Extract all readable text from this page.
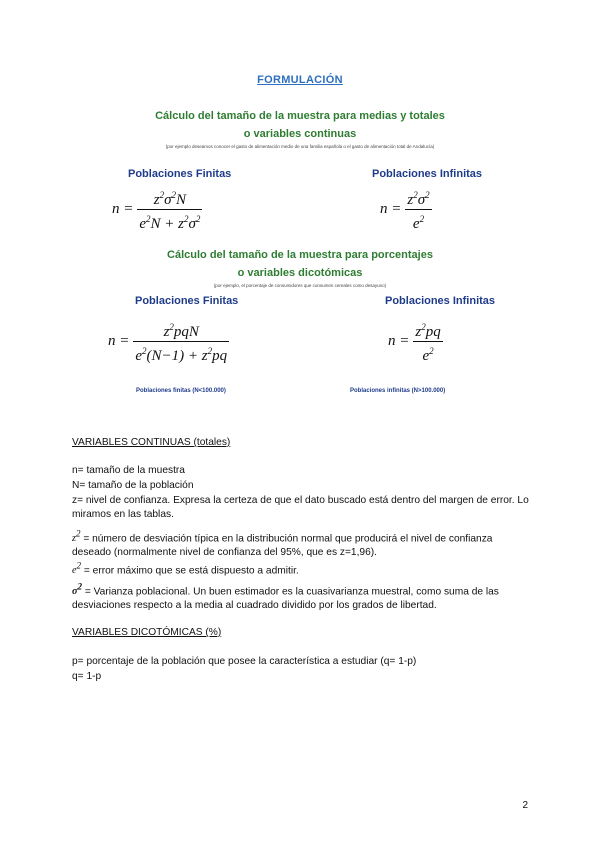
FORMULACIÓN
Cálculo del tamaño de la muestra para medias y totales
o variables continuas
(por ejemplo deseamos conocer el gasto de alimentación medio de una familia española o el gasto de alimentación total de Andalucía)
Poblaciones Finitas	Poblaciones Infinitas
$n = \frac{z^2\sigma^2N}{e^2N + z^2\sigma^2}$	$n = \frac{z^2\sigma^2}{e^2}$
Cálculo del tamaño de la muestra para porcentajes
o variables dicotómicas
(por ejemplo, el porcentaje de consumidores que consumen cereales como desayuno)
Poblaciones Finitas	Poblaciones Infinitas
$n = \frac{z^2pqN}{e^2(N-1) + z^2pq}$	$n = \frac{z^2pq}{e^2}$
Poblaciones finitas (N<100.000)	Poblaciones infinitas (N>100.000)
VARIABLES CONTINUAS (totales)
n= tamaño de la muestra
N= tamaño de la población
z= nivel de confianza. Expresa la certeza de que el dato buscado está dentro del margen de error. Lo miramos en las tablas.
$z^2$ = número de desviación típica en la distribución normal que producirá el nivel de confianza deseado (normalmente nivel de confianza del 95%, que es z=1,96).
$e^2$ = error máximo que se está dispuesto a admitir.
$\sigma^2$ = Varianza poblacional. Un buen estimador es la cuasivarianza muestral, como suma de las desviaciones respecto a la media al cuadrado dividido por los grados de libertad.
VARIABLES DICOTÓMICAS (%)
p= porcentaje de la población que posee la característica a estudiar (q= 1-p)
q= 1-p
2
